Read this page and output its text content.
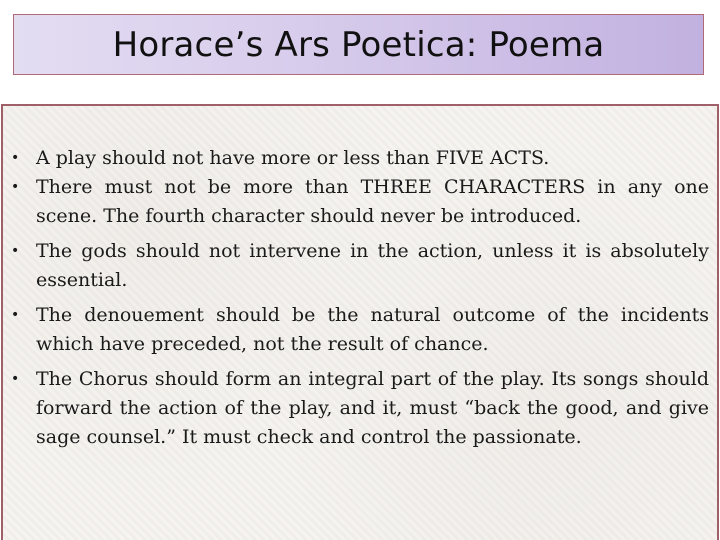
Horace’s Ars Poetica: Poema
• A play should not have more or less than FIVE ACTS.
• There must not be more than THREE CHARACTERS in any one scene. The fourth character should never be introduced.
• The gods should not intervene in the action, unless it is absolutely essential.
• The denouement should be the natural outcome of the incidents which have preceded, not the result of chance.
• The Chorus should form an integral part of the play. Its songs should forward the action of the play, and it, must “back the good, and give sage counsel.” It must check and control the passionate.
